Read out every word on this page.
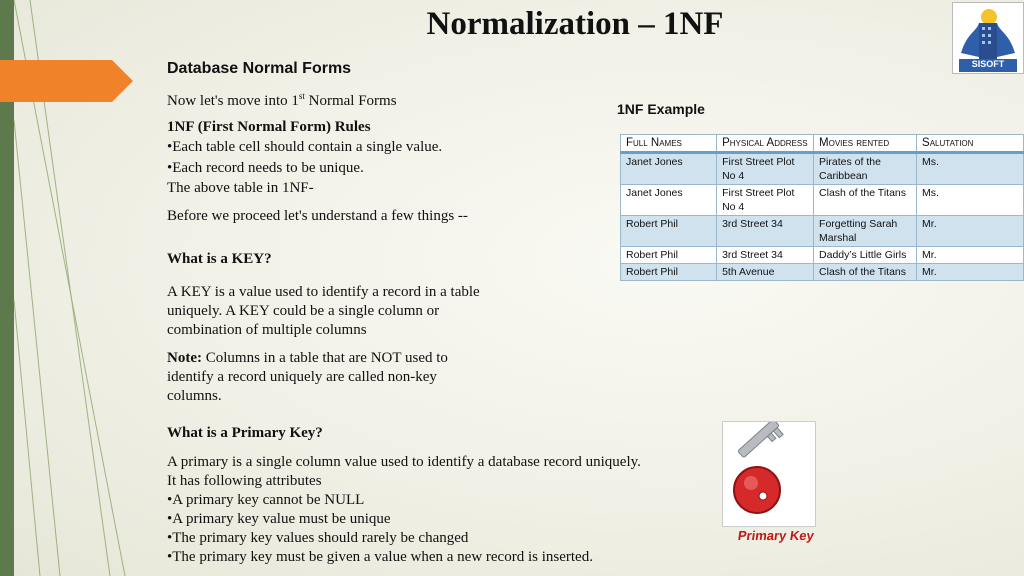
Normalization – 1NF
SISOFT
Database Normal Forms
Now let's move into 1st Normal Forms
1NF (First Normal Form) Rules
•Each table cell should contain a single value.
•Each record needs to be unique.
The above table in 1NF-
Before we proceed let's understand a few things --
What is a KEY?
A KEY is a value used to identify a record in a table
uniquely. A KEY could be a single column or
combination of multiple columns
Note: Columns in a table that are NOT used to
identify a record uniquely are called non-key
columns.
What is a Primary Key?
A primary is a single column value used to identify a database record uniquely.
It has following attributes
•A primary key cannot be NULL
•A primary key value must be unique
•The primary key values should rarely be changed
•The primary key must be given a value when a new record is inserted.
1NF Example
Full Names	Physical Address	Movies rented	Salutation
Janet Jones	First Street Plot No 4	Pirates of the Caribbean	Ms.
Janet Jones	First Street Plot No 4	Clash of the Titans	Ms.
Robert Phil	3rd Street 34	Forgetting Sarah Marshal	Mr.
Robert Phil	3rd Street 34	Daddy’s Little Girls	Mr.
Robert Phil	5th Avenue	Clash of the Titans	Mr.
Primary Key
